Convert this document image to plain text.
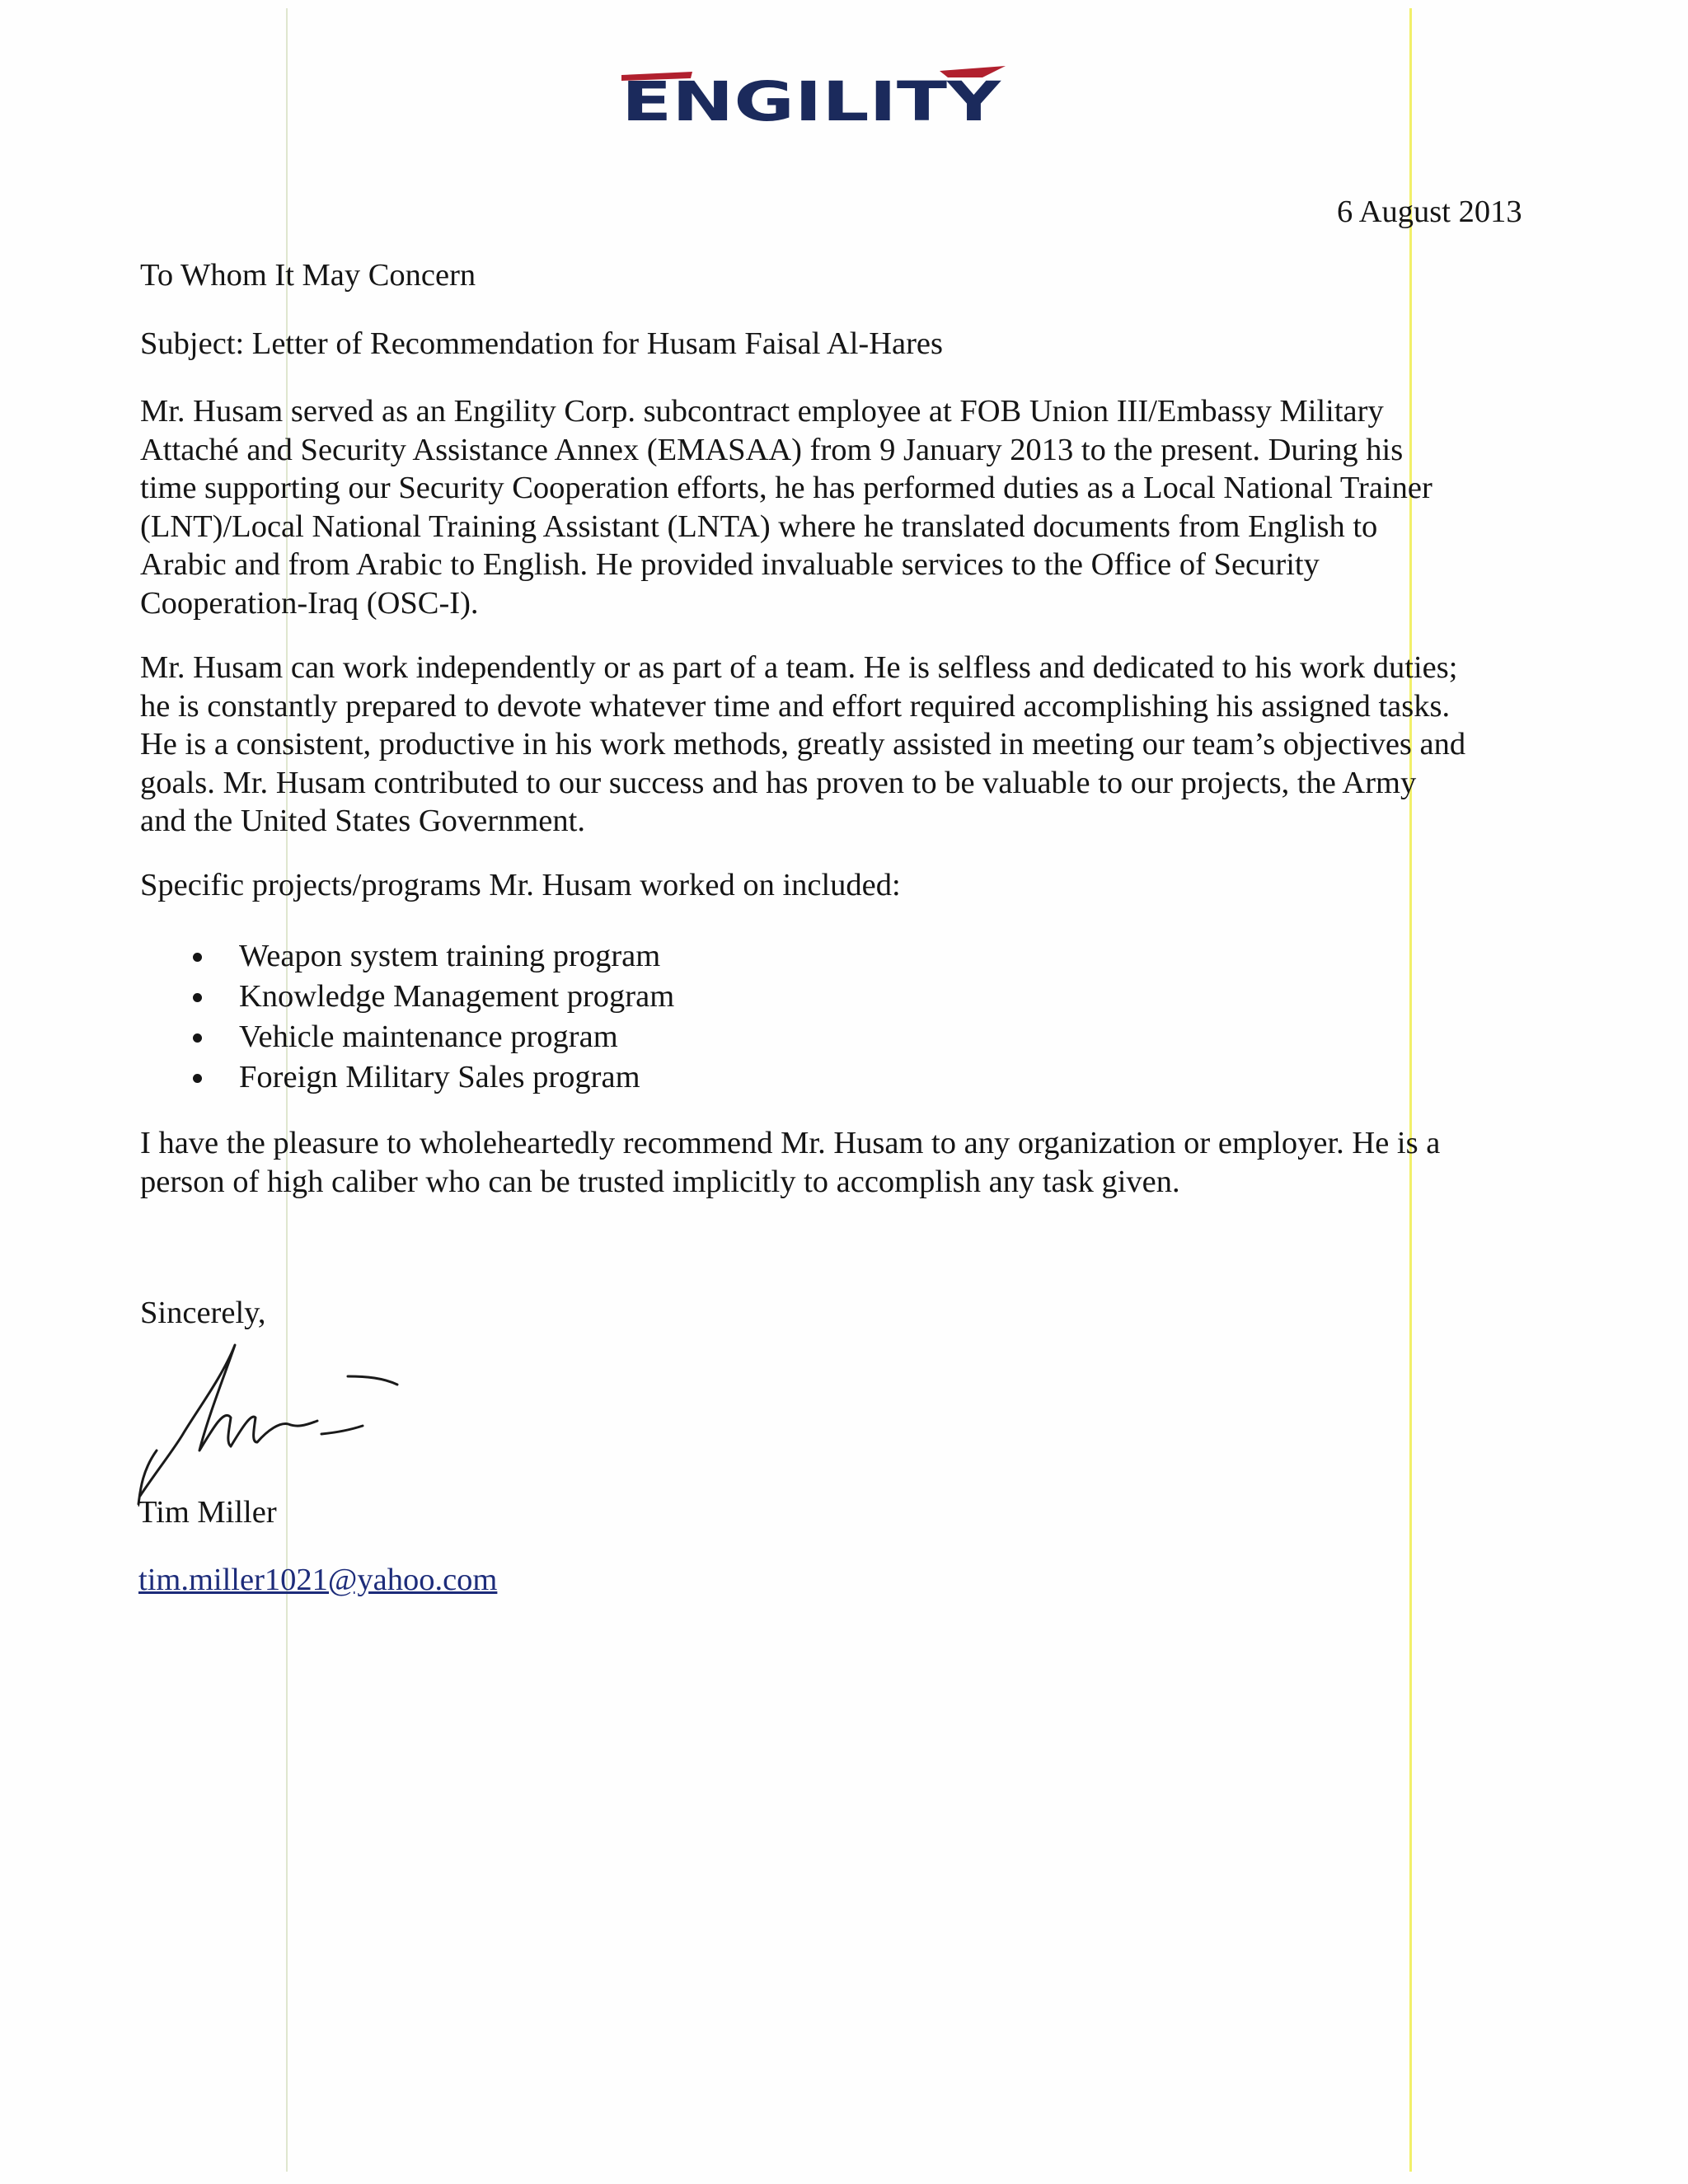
ENGILITY
6 August 2013
To Whom It May Concern
Subject: Letter of Recommendation for Husam Faisal Al-Hares
Mr. Husam served as an Engility Corp. subcontract employee at FOB Union III/Embassy Military
Attaché and Security Assistance Annex (EMASAA) from 9 January 2013 to the present. During his
time supporting our Security Cooperation efforts, he has performed duties as a Local National Trainer
(LNT)/Local National Training Assistant (LNTA) where he translated documents from English to
Arabic and from Arabic to English. He provided invaluable services to the Office of Security
Cooperation-Iraq (OSC-I).
Mr. Husam can work independently or as part of a team. He is selfless and dedicated to his work duties;
he is constantly prepared to devote whatever time and effort required accomplishing his assigned tasks.
He is a consistent, productive in his work methods, greatly assisted in meeting our team’s objectives and
goals. Mr. Husam contributed to our success and has proven to be valuable to our projects, the Army
and the United States Government.
Specific projects/programs Mr. Husam worked on included:
Weapon system training program
Knowledge Management program
Vehicle maintenance program
Foreign Military Sales program
I have the pleasure to wholeheartedly recommend Mr. Husam to any organization or employer. He is a
person of high caliber who can be trusted implicitly to accomplish any task given.
Sincerely,
Tim Miller
tim.miller1021@yahoo.com
